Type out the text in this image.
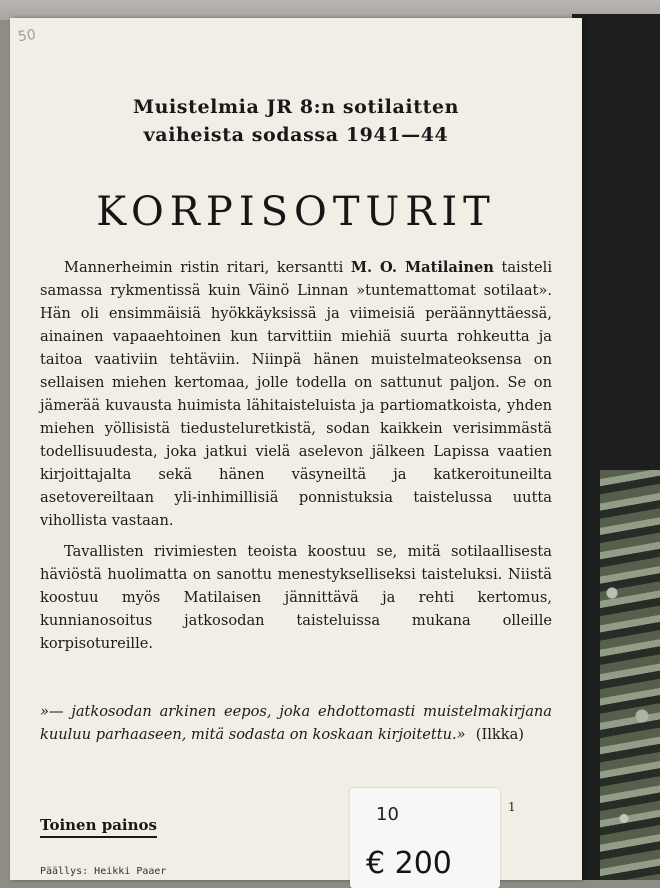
50
Muistelmia JR 8:n sotilaitten
vaiheista sodassa 1941—44
KORPISOTURIT

Mannerheimin ristin ritari, kersantti M. O. Matilainen taisteli samassa rykmentissä kuin Väinö Linnan »tuntemattomat sotilaat». Hän oli ensimmäisiä hyökkäyksissä ja viimeisiä peräännyttäessä, ainainen vapaaehtoinen kun tarvittiin miehiä suurta rohkeutta ja taitoa vaativiin tehtäviin. Niinpä hänen muistelmateoksensa on sellaisen miehen kertomaa, jolle todella on sattunut paljon. Se on jämerää kuvausta huimista lähitaisteluista ja partiomatkoista, yhden miehen yöllisistä tiedusteluretkistä, sodan kaikkein verisimmästä todellisuudesta, joka jatkui vielä aselevon jälkeen Lapissa vaatien kirjoittajalta sekä hänen väsyneiltä ja katkeroituneilta asetovereiltaan yli-inhimillisiä ponnistuksia taistelussa uutta vihollista vastaan.

Tavallisten rivimiesten teoista koostuu se, mitä sotilaallisesta häviöstä huolimatta on sanottu menestykselliseksi taisteluksi. Niistä koostuu myös Matilaisen jännittävä ja rehti kertomus, kunnianosoitus jatkosodan taisteluissa mukana olleille korpisotureille.

»— jatkosodan arkinen eepos, joka ehdottomasti muistelmakirjana kuuluu parhaaseen, mitä sodasta on koskaan kirjoitettu.» (Ilkka)
Toinen painos
Päällys: Heikki Paaer
10	1
€ 200
